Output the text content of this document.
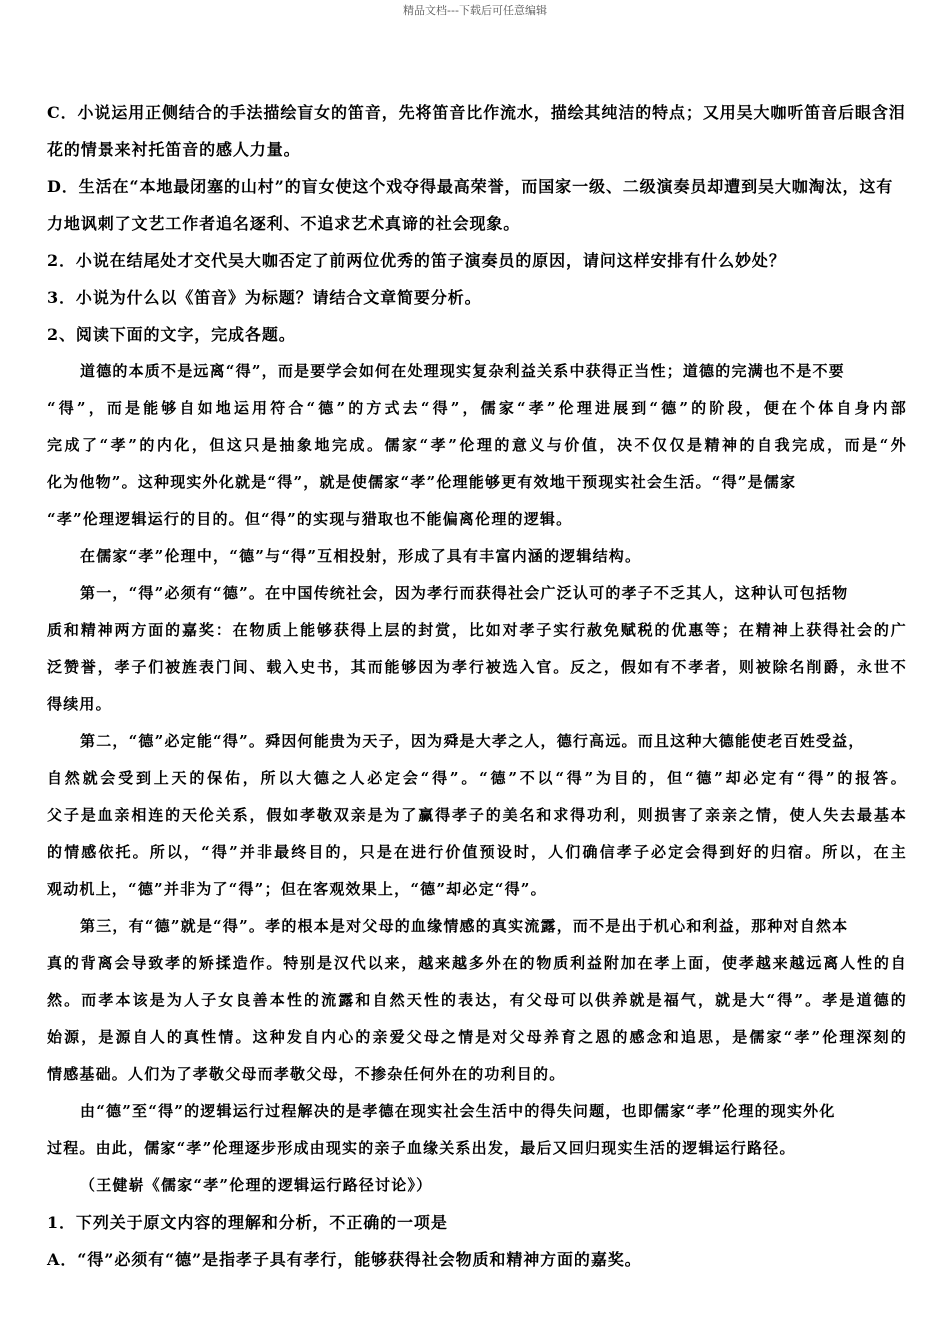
精品文档---下载后可任意编辑
C．小说运用正侧结合的手法描绘盲女的笛音，先将笛音比作流水，描绘其纯洁的特点；又用吴大咖听笛音后眼含泪
花的情景来衬托笛音的感人力量。
D．生活在“本地最闭塞的山村”的盲女使这个戏夺得最高荣誉，而国家一级、二级演奏员却遭到吴大咖淘汰，这有
力地讽刺了文艺工作者追名逐利、不追求艺术真谛的社会现象。
2．小说在结尾处才交代吴大咖否定了前两位优秀的笛子演奏员的原因，请问这样安排有什么妙处？
3．小说为什么以《笛音》为标题？请结合文章简要分析。
2、阅读下面的文字，完成各题。
道德的本质不是远离“得”，而是要学会如何在处理现实复杂利益关系中获得正当性；道德的完满也不是不要
“得”，而是能够自如地运用符合“德”的方式去“得”，儒家“孝”伦理进展到“德”的阶段，便在个体自身内部
完成了“孝”的内化，但这只是抽象地完成。儒家“孝”伦理的意义与价值，决不仅仅是精神的自我完成，而是“外
化为他物”。这种现实外化就是“得”，就是使儒家“孝”伦理能够更有效地干预现实社会生活。“得”是儒家
“孝”伦理逻辑运行的目的。但“得”的实现与猎取也不能偏离伦理的逻辑。
在儒家“孝”伦理中，“德”与“得”互相投射，形成了具有丰富内涵的逻辑结构。
第一，“得”必须有“德”。在中国传统社会，因为孝行而获得社会广泛认可的孝子不乏其人，这种认可包括物
质和精神两方面的嘉奖：在物质上能够获得上层的封赏，比如对孝子实行赦免赋税的优惠等；在精神上获得社会的广
泛赞誉，孝子们被旌表门间、载入史书，其而能够因为孝行被选入官。反之，假如有不孝者，则被除名削爵，永世不
得续用。
第二，“德”必定能“得”。舜因何能贵为天子，因为舜是大孝之人，德行高远。而且这种大德能使老百姓受益，
自然就会受到上天的保佑，所以大德之人必定会“得”。“德”不以“得”为目的，但“德”却必定有“得”的报答。
父子是血亲相连的天伦关系，假如孝敬双亲是为了赢得孝子的美名和求得功利，则损害了亲亲之情，使人失去最基本
的情感依托。所以，“得”并非最终目的，只是在进行价值预设时，人们确信孝子必定会得到好的归宿。所以，在主
观动机上，“德”并非为了“得”；但在客观效果上，“德”却必定“得”。
第三，有“德”就是“得”。孝的根本是对父母的血缘情感的真实流露，而不是出于机心和利益，那种对自然本
真的背离会导致孝的矫揉造作。特别是汉代以来，越来越多外在的物质利益附加在孝上面，使孝越来越远离人性的自
然。而孝本该是为人子女良善本性的流露和自然天性的表达，有父母可以供养就是福气，就是大“得”。孝是道德的
始源，是源自人的真性情。这种发自内心的亲爱父母之情是对父母养育之恩的感念和追思，是儒家“孝”伦理深刻的
情感基础。人们为了孝敬父母而孝敬父母，不掺杂任何外在的功利目的。
由“德”至“得”的逻辑运行过程解决的是孝德在现实社会生活中的得失问题，也即儒家“孝”伦理的现实外化
过程。由此，儒家“孝”伦理逐步形成由现实的亲子血缘关系出发，最后又回归现实生活的逻辑运行路径。
（王健崭《儒家“孝”伦理的逻辑运行路径讨论》）
1．下列关于原文内容的理解和分析，不正确的一项是
A．“得”必须有“德”是指孝子具有孝行，能够获得社会物质和精神方面的嘉奖。
